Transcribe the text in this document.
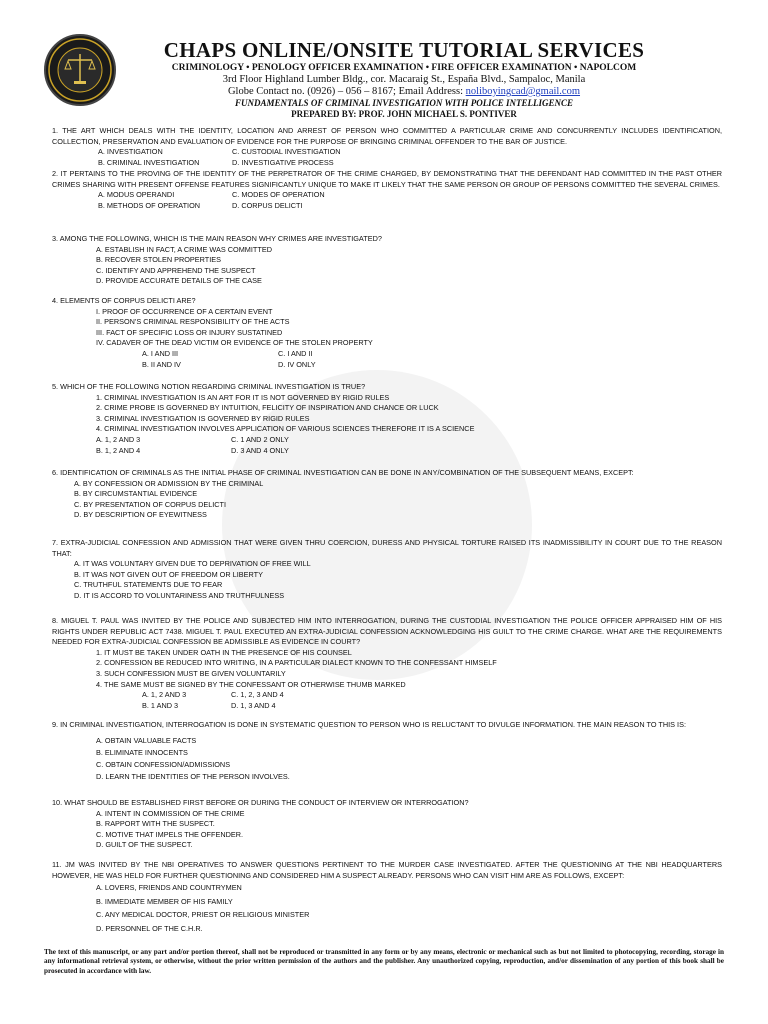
CHAPS ONLINE/ONSITE TUTORIAL SERVICES
CRIMINOLOGY • PENOLOGY OFFICER EXAMINATION • FIRE OFFICER EXAMINATION • NAPOLCOM
3rd Floor Highland Lumber Bldg., cor. Macaraig St., España Blvd., Sampaloc, Manila
Globe Contact no. (0926) – 056 – 8167; Email Address: noliboyingcad@gmail.com
FUNDAMENTALS OF CRIMINAL INVESTIGATION WITH POLICE INTELLIGENCE
PREPARED BY: PROF. JOHN MICHAEL S. PONTIVER
1. THE ART WHICH DEALS WITH THE IDENTITY, LOCATION AND ARREST OF PERSON WHO COMMITTED A PARTICULAR CRIME AND CONCURRENTLY INCLUDES IDENTIFICATION, COLLECTION, PRESERVATION AND EVALUATION OF EVIDENCE FOR THE PURPOSE OF BRINGING CRIMINAL OFFENDER TO THE BAR OF JUSTICE.
A. INVESTIGATION	C. CUSTODIAL INVESTIGATION
B. CRIMINAL INVESTIGATION	D. INVESTIGATIVE PROCESS
2. IT PERTAINS TO THE PROVING OF THE IDENTITY OF THE PERPETRATOR OF THE CRIME CHARGED, BY DEMONSTRATING THAT THE DEFENDANT HAD COMMITTED IN THE PAST OTHER CRIMES SHARING WITH PRESENT OFFENSE FEATURES SIGNIFICANTLY UNIQUE TO MAKE IT LIKELY THAT THE SAME PERSON OR GROUP OF PERSONS COMMITTED THE SEVERAL CRIMES.
A. MODUS OPERANDI	C. MODES OF OPERATION
B. METHODS OF OPERATION	D. CORPUS DELICTI
3. AMONG THE FOLLOWING, WHICH IS THE MAIN REASON WHY CRIMES ARE INVESTIGATED?
A. ESTABLISH IN FACT, A CRIME WAS COMMITTED
B. RECOVER STOLEN PROPERTIES
C. IDENTIFY AND APPREHEND THE SUSPECT
D. PROVIDE ACCURATE DETAILS OF THE CASE
4. ELEMENTS OF CORPUS DELICTI ARE?
I. PROOF OF OCCURRENCE OF A CERTAIN EVENT
II. PERSON'S CRIMINAL RESPONSIBILITY OF THE ACTS
III. FACT OF SPECIFIC LOSS OR INJURY SUSTATINED
IV. CADAVER OF THE DEAD VICTIM OR EVIDENCE OF THE STOLEN PROPERTY
A. I AND III	C. I AND II
B. II AND IV	D. IV ONLY
5. WHICH OF THE FOLLOWING NOTION REGARDING CRIMINAL INVESTIGATION IS TRUE?
1. CRIMINAL INVESTIGATION IS AN ART FOR IT IS NOT GOVERNED BY RIGID RULES
2. CRIME PROBE IS GOVERNED BY INTUITION, FELICITY OF INSPIRATION AND CHANCE OR LUCK
3. CRIMINAL INVESTIGATION IS GOVERNED BY RIGID RULES
4. CRIMINAL INVESTIGATION INVOLVES APPLICATION OF VARIOUS SCIENCES THEREFORE IT IS A SCIENCE
A. 1, 2 AND 3	C. 1 AND 2 ONLY
B. 1, 2 AND 4	D. 3 AND 4 ONLY
6. IDENTIFICATION OF CRIMINALS AS THE INITIAL PHASE OF CRIMINAL INVESTIGATION CAN BE DONE IN ANY/COMBINATION OF THE SUBSEQUENT MEANS, EXCEPT:
A. BY CONFESSION OR ADMISSION BY THE CRIMINAL
B. BY CIRCUMSTANTIAL EVIDENCE
C. BY PRESENTATION OF CORPUS DELICTI
D. BY DESCRIPTION OF EYEWITNESS
7. EXTRA-JUDICIAL CONFESSION AND ADMISSION THAT WERE GIVEN THRU COERCION, DURESS AND PHYSICAL TORTURE RAISED ITS INADMISSIBILITY IN COURT DUE TO THE REASON THAT:
A. IT WAS VOLUNTARY GIVEN DUE TO DEPRIVATION OF FREE WILL
B. IT WAS NOT GIVEN OUT OF FREEDOM OR LIBERTY
C. TRUTHFUL STATEMENTS DUE TO FEAR
D. IT IS ACCORD TO VOLUNTARINESS AND TRUTHFULNESS
8. MIGUEL T. PAUL WAS INVITED BY THE POLICE AND SUBJECTED HIM INTO INTERROGATION, DURING THE CUSTODIAL INVESTIGATION THE POLICE OFFICER APPRAISED HIM OF HIS RIGHTS UNDER REPUBLIC ACT 7438. MIGUEL T. PAUL EXECUTED AN EXTRA-JUDICIAL CONFESSION ACKNOWLEDGING HIS GUILT TO THE CRIME CHARGE. WHAT ARE THE REQUIREMENTS NEEDED FOR EXTRA-JUDICIAL CONFESSION BE ADMISSIBLE AS EVIDENCE IN COURT?
1. IT MUST BE TAKEN UNDER OATH IN THE PRESENCE OF HIS COUNSEL
2. CONFESSION BE REDUCED INTO WRITING, IN A PARTICULAR DIALECT KNOWN TO THE CONFESSANT HIMSELF
3. SUCH CONFESSION MUST BE GIVEN VOLUNTARILY
4. THE SAME MUST BE SIGNED BY THE CONFESSANT OR OTHERWISE THUMB MARKED
A. 1, 2 AND 3	C. 1, 2, 3 AND 4
B. 1 AND 3	D. 1, 3 AND 4
9. IN CRIMINAL INVESTIGATION, INTERROGATION IS DONE IN SYSTEMATIC QUESTION TO PERSON WHO IS RELUCTANT TO DIVULGE INFORMATION. THE MAIN REASON TO THIS IS:
A. OBTAIN VALUABLE FACTS
B. ELIMINATE INNOCENTS
C. OBTAIN CONFESSION/ADMISSIONS
D. LEARN THE IDENTITIES OF THE PERSON INVOLVES.
10. WHAT SHOULD BE ESTABLISHED FIRST BEFORE OR DURING THE CONDUCT OF INTERVIEW OR INTERROGATION?
A. INTENT IN COMMISSION OF THE CRIME
B. RAPPORT WITH THE SUSPECT.
C. MOTIVE THAT IMPELS THE OFFENDER.
D. GUILT OF THE SUSPECT.
11. JM WAS INVITED BY THE NBI OPERATIVES TO ANSWER QUESTIONS PERTINENT TO THE MURDER CASE INVESTIGATED. AFTER THE QUESTIONING AT THE NBI HEADQUARTERS HOWEVER, HE WAS HELD FOR FURTHER QUESTIONING AND CONSIDERED HIM A SUSPECT ALREADY. PERSONS WHO CAN VISIT HIM ARE AS FOLLOWS, EXCEPT:
A. LOVERS, FRIENDS AND COUNTRYMEN
B. IMMEDIATE MEMBER OF HIS FAMILY
C. ANY MEDICAL DOCTOR, PRIEST OR RELIGIOUS MINISTER
D. PERSONNEL OF THE C.H.R.
The text of this manuscript, or any part and/or portion thereof, shall not be reproduced or transmitted in any form or by any means, electronic or mechanical such as but not limited to photocopying, recording, storage in any informational retrieval system, or otherwise, without the prior written permission of the authors and the publisher. Any unauthorized copying, reproduction, and/or dissemination of any portion of this book shall be prosecuted in accordance with law.
